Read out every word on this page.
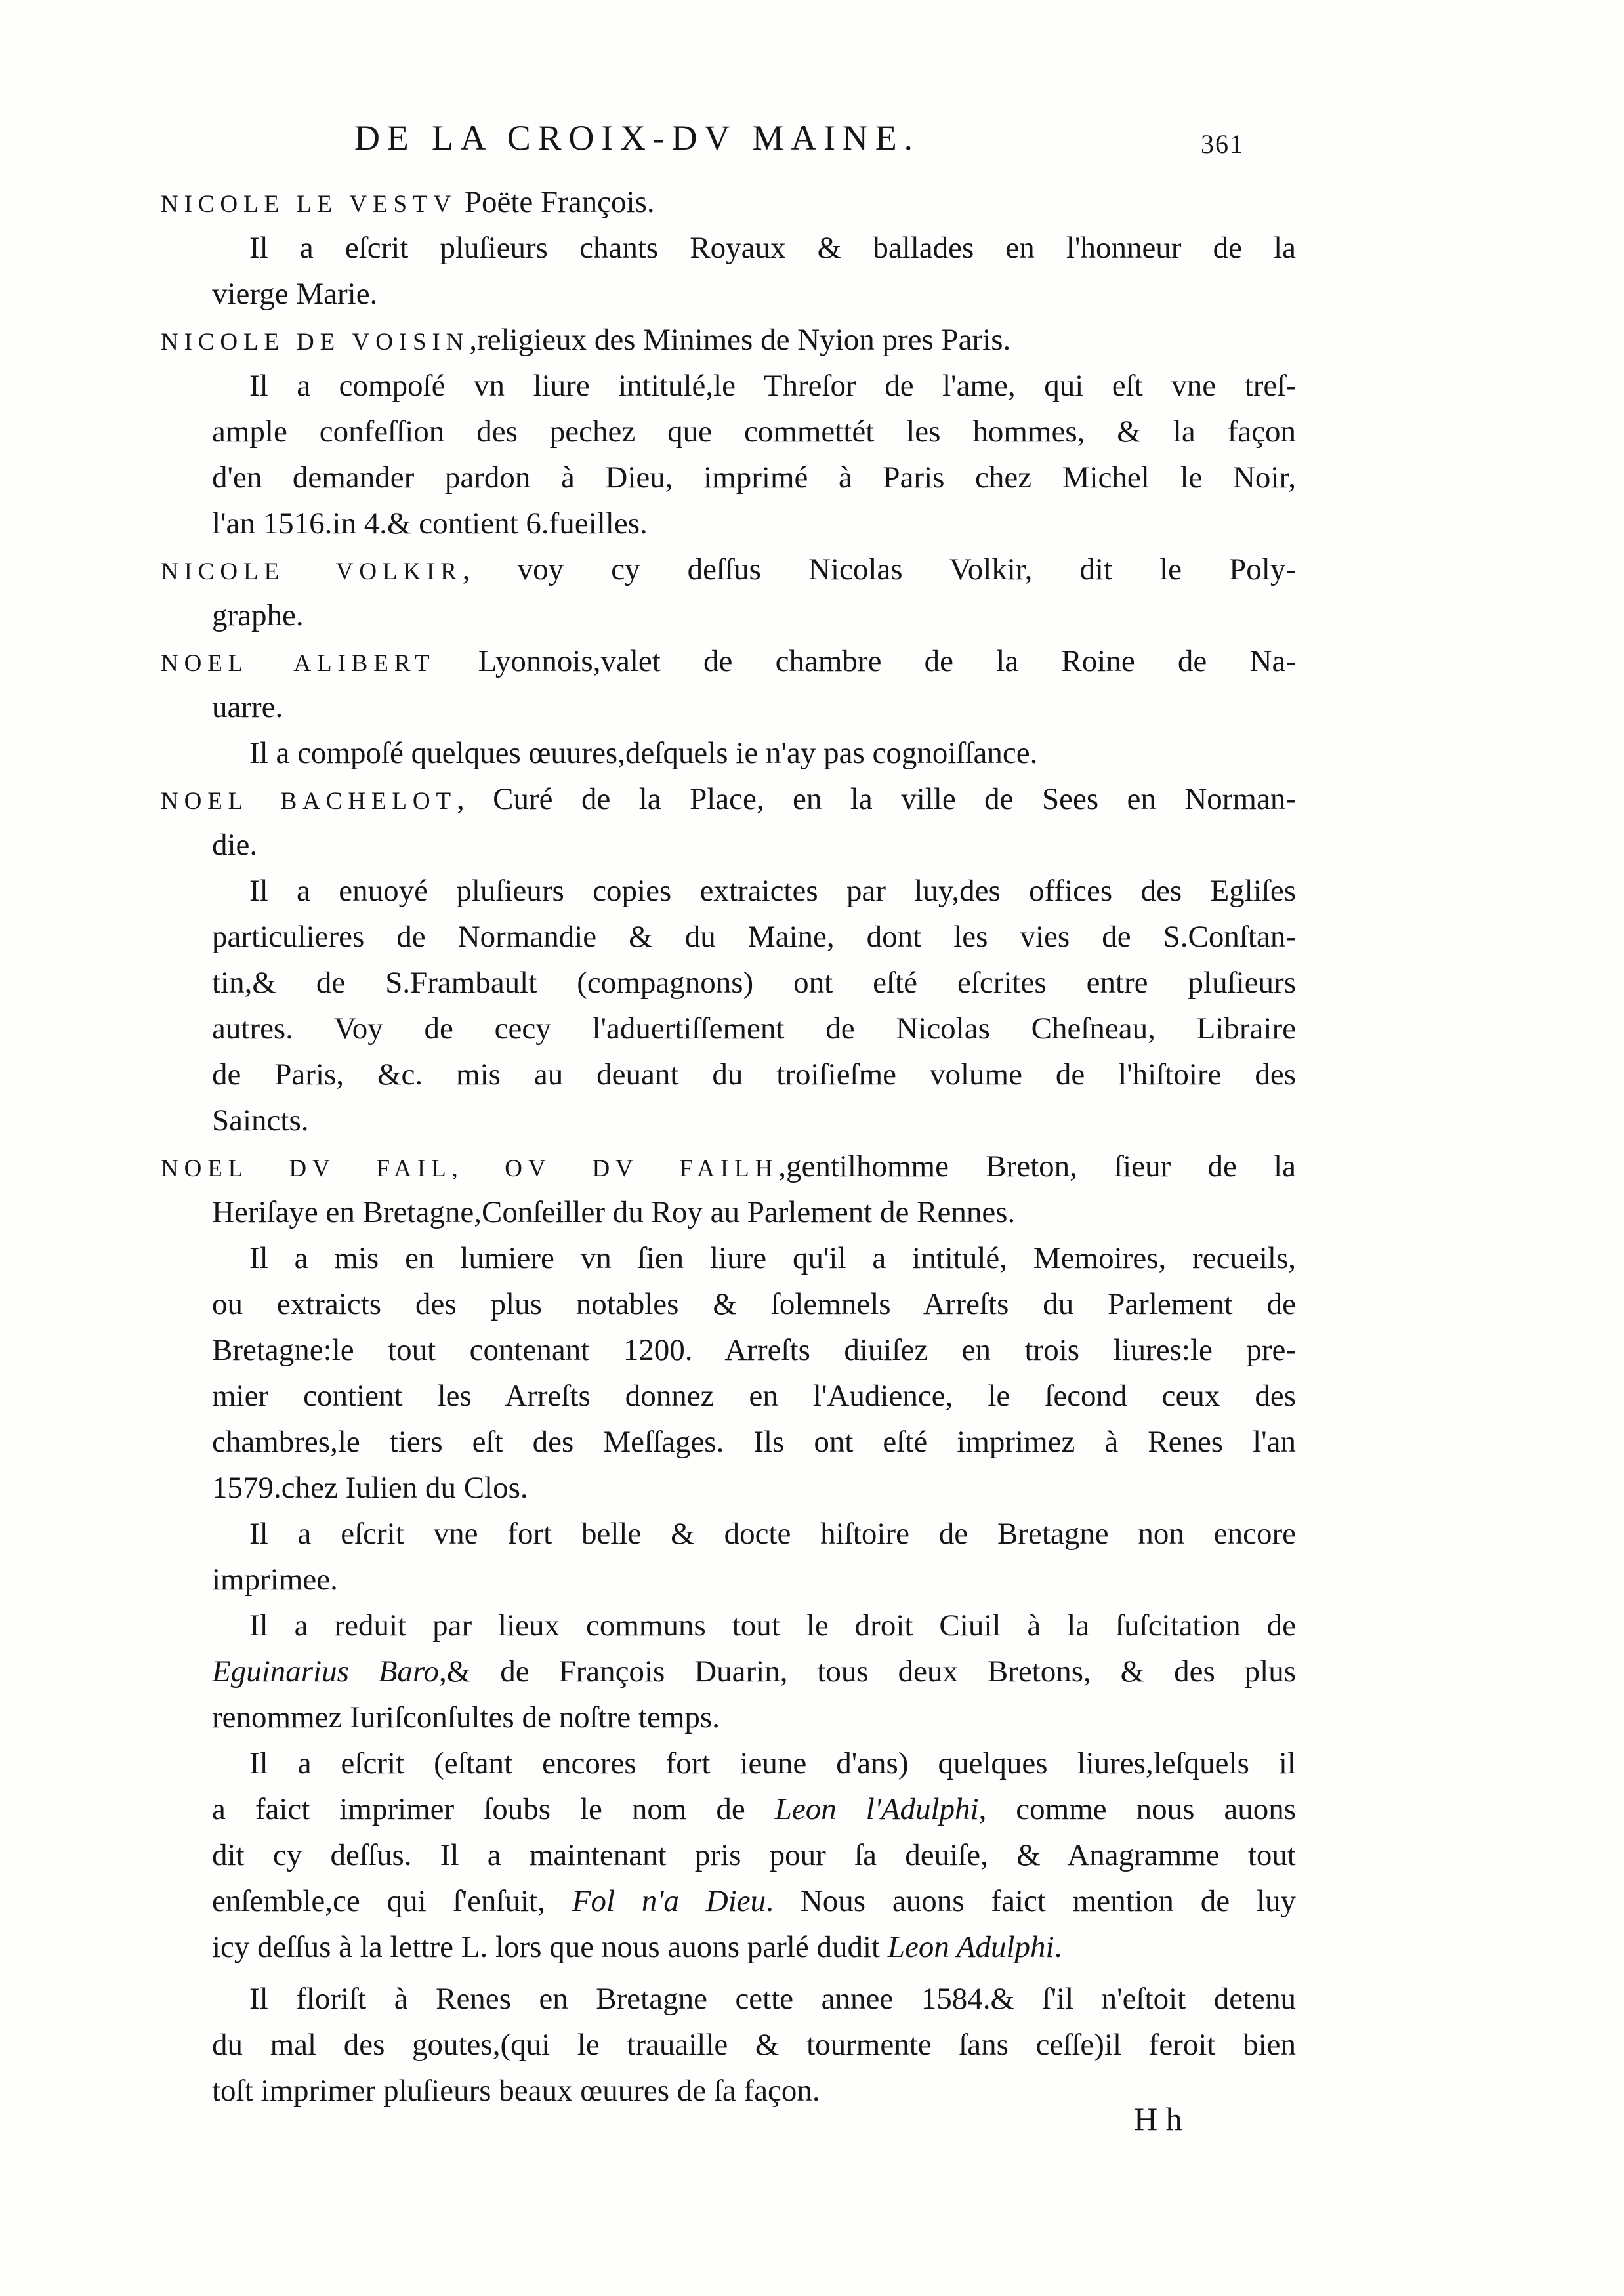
DE LA CROIX-DV MAINE.	361
NICOLE LE VESTV Poëte François.
Il a eſcrit pluſieurs chants Royaux & ballades en l'honneur de la
vierge Marie.
NICOLE DE VOISIN,religieux des Minimes de Nyion pres Paris.
Il a compoſé vn liure intitulé,le Threſor de l'ame, qui eſt vne treſ-
ample confeſſion des pechez que commettét les hommes, & la façon
d'en demander pardon à Dieu, imprimé à Paris chez Michel le Noir,
l'an 1516.in 4.& contient 6.fueilles.
NICOLE VOLKIR, voy cy deſſus Nicolas Volkir, dit le Poly-
graphe.
NOEL ALIBERT Lyonnois,valet de chambre de la Roine de Na-
uarre.
Il a compoſé quelques œuures,deſquels ie n'ay pas cognoiſſance.
NOEL BACHELOT, Curé de la Place, en la ville de Sees en Norman-
die.
Il a enuoyé pluſieurs copies extraictes par luy,des offices des Egliſes
particulieres de Normandie & du Maine, dont les vies de S.Conſtan-
tin,& de S.Frambault (compagnons) ont eſté eſcrites entre pluſieurs
autres. Voy de cecy l'aduertiſſement de Nicolas Cheſneau, Libraire
de Paris, &c. mis au deuant du troiſieſme volume de l'hiſtoire des
Saincts.
NOEL DV FAIL, OV DV FAILH,gentilhomme Breton, ſieur de la
Heriſaye en Bretagne,Conſeiller du Roy au Parlement de Rennes.
Il a mis en lumiere vn ſien liure qu'il a intitulé, Memoires, recueils,
ou extraicts des plus notables & ſolemnels Arreſts du Parlement de
Bretagne:le tout contenant 1200. Arreſts diuiſez en trois liures:le pre-
mier contient les Arreſts donnez en l'Audience, le ſecond ceux des
chambres,le tiers eſt des Meſſages. Ils ont eſté imprimez à Renes l'an
1579.chez Iulien du Clos.
Il a eſcrit vne fort belle & docte hiſtoire de Bretagne non encore
imprimee.
Il a reduit par lieux communs tout le droit Ciuil à la ſuſcitation de
Eguinarius Baro,& de François Duarin, tous deux Bretons, & des plus
renommez Iuriſconſultes de noſtre temps.
Il a eſcrit (eſtant encores fort ieune d'ans) quelques liures,leſquels il
a faict imprimer ſoubs le nom de Leon l'Adulphi, comme nous auons
dit cy deſſus. Il a maintenant pris pour ſa deuiſe, & Anagramme tout
enſemble,ce qui ſ'enſuit, Fol n'a Dieu. Nous auons faict mention de luy
icy deſſus à la lettre L. lors que nous auons parlé dudit Leon Adulphi.
Il floriſt à Renes en Bretagne cette annee 1584.& ſ'il n'eſtoit detenu
du mal des goutes,(qui le trauaille & tourmente ſans ceſſe)il feroit bien
toſt imprimer pluſieurs beaux œuures de ſa façon.
Hh
